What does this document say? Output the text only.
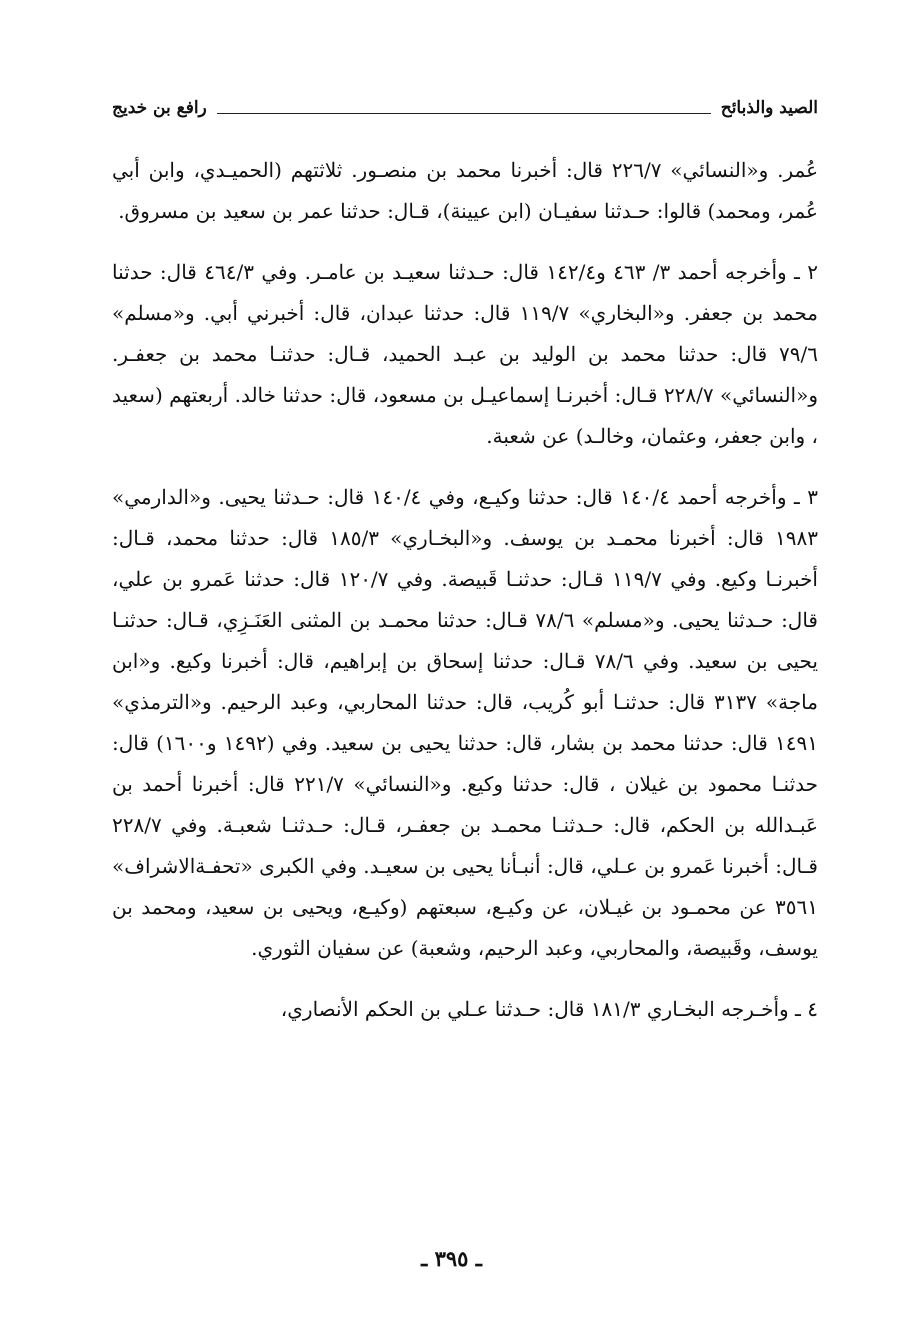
الصيد والذبائح
رافع بن خديج

عُمر. و«النسائي» ٢٢٦/٧ قال: أخبرنا محمد بن منصـور. ثلاثتهم (الحميـدي، وابن أبي عُمر، ومحمد) قالوا: حـدثنا سفيـان (ابن عيينة)، قـال: حدثنا عمر بن سعيد بن مسروق.

٢ ـ وأخرجه أحمد ٣/ ٤٦٣ و١٤٢/٤ قال: حـدثنا سعيـد بن عامـر. وفي ٤٦٤/٣ قال: حدثنا محمد بن جعفر. و«البخاري» ١١٩/٧ قال: حدثنا عبدان، قال: أخبرني أبي. و«مسلم» ٧٩/٦ قال: حدثنا محمد بن الوليد بن عبـد الحميد، قـال: حدثنـا محمد بن جعفـر. و«النسائي» ٢٢٨/٧ قـال: أخبرنـا إسماعيـل بن مسعود، قال: حدثنا خالد. أربعتهم (سعيد ، وابن جعفر، وعثمان، وخالـد) عن شعبة.

٣ ـ وأخرجه أحمد ١٤٠/٤ قال: حدثنا وكيـع، وفي ١٤٠/٤ قال: حـدثنا يحيى. و«الدارمي» ١٩٨٣ قال: أخبرنا محمـد بن يوسف. و«البخـاري» ١٨٥/٣ قال: حدثنا محمد، قـال: أخبرنـا وكيع. وفي ١١٩/٧ قـال: حدثنـا قَبيصة. وفي ١٢٠/٧ قال: حدثنا عَمرو بن علي، قال: حـدثنا يحيى. و«مسلم» ٧٨/٦ قـال: حدثنا محمـد بن المثنى العَنَـزِي، قـال: حدثنـا يحيى بن سعيد. وفي ٧٨/٦ قـال: حدثنا إسحاق بن إبراهيم، قال: أخبرنا وكيع. و«ابن ماجة» ٣١٣٧ قال: حدثنـا أبو كُريب، قال: حدثنا المحاربي، وعبد الرحيم. و«الترمذي» ١٤٩١ قال: حدثنا محمد بن بشار، قال: حدثنا يحيى بن سعيد. وفي (١٤٩٢ و١٦٠٠) قال: حدثنـا محمود بن غيلان ، قال: حدثنا وكيع. و«النسائي» ٢٢١/٧ قال: أخبرنا أحمد بن عَبـدالله بن الحكم، قال: حـدثنـا محمـد بن جعفـر، قـال: حـدثنـا شعبـة. وفي ٢٢٨/٧ قـال: أخبرنا عَمرو بن عـلي، قال: أنبـأنا يحيى بن سعيـد. وفي الكبرى «تحفـةالاشراف» ٣٥٦١ عن محمـود بن غيـلان، عن وكيـع، سبعتهم (وكيـع، ويحيى بن سعيد، ومحمد بن يوسف، وقَبيصة، والمحاربي، وعبد الرحيم، وشعبة) عن سفيان الثوري.

٤ ـ وأخـرجه البخـاري ١٨١/٣ قال: حـدثنا عـلي بن الحكم الأنصاري،

ـ ٣٩٥ ـ
